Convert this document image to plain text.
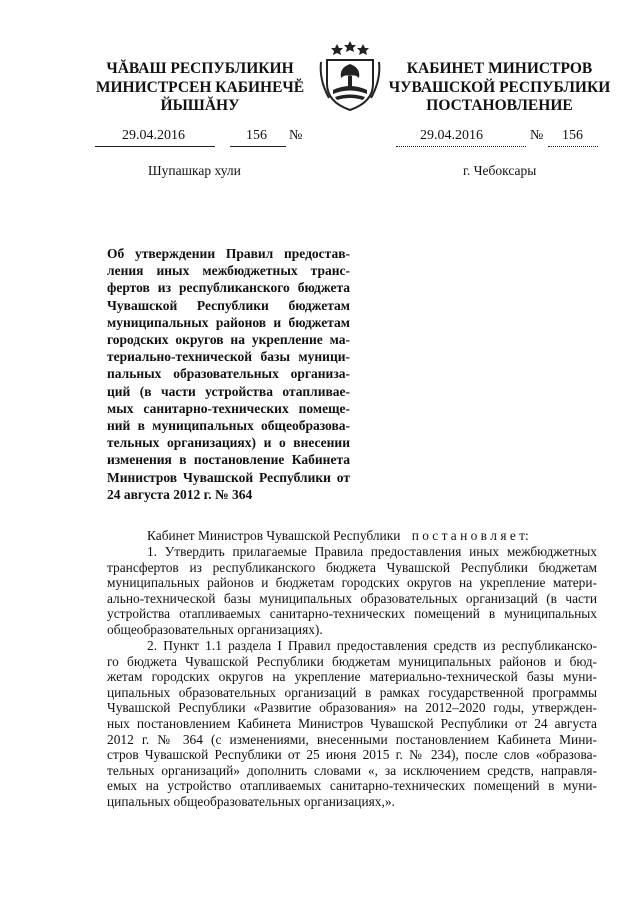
ЧĂВАШ РЕСПУБЛИКИН
МИНИСТРСЕН КАБИНЕЧĔ
ЙЫШĂНУ
КАБИНЕТ МИНИСТРОВ
ЧУВАШСКОЙ РЕСПУБЛИКИ
ПОСТАНОВЛЕНИЕ
29.04.2016	156 №	29.04.2016	№ 156
Шупашкар хули	г. Чебоксары
Об утверждении Правил предостав-
ления иных межбюджетных транс-
фертов из республиканского бюджета
Чувашской Республики бюджетам
муниципальных районов и бюджетам
городских округов на укрепление ма-
териально-технической базы муници-
пальных образовательных организа-
ций (в части устройства отапливае-
мых санитарно-технических помеще-
ний в муниципальных общеобразова-
тельных организациях) и о внесении
изменения в постановление Кабинета
Министров Чувашской Республики от
24 августа 2012 г. № 364
Кабинет Министров Чувашской Республики п о с т а н о в л я е т:
1. Утвердить прилагаемые Правила предоставления иных межбюджетных
трансфертов из республиканского бюджета Чувашской Республики бюджетам
муниципальных районов и бюджетам городских округов на укрепление матери-
ально-технической базы муниципальных образовательных организаций (в части
устройства отапливаемых санитарно-технических помещений в муниципальных
общеобразовательных организациях).
2. Пункт 1.1 раздела I Правил предоставления средств из республиканско-
го бюджета Чувашской Республики бюджетам муниципальных районов и бюд-
жетам городских округов на укрепление материально-технической базы муни-
ципальных образовательных организаций в рамках государственной программы
Чувашской Республики «Развитие образования» на 2012–2020 годы, утвержден-
ных постановлением Кабинета Министров Чувашской Республики от 24 августа
2012 г. № 364 (с изменениями, внесенными постановлением Кабинета Мини-
стров Чувашской Республики от 25 июня 2015 г. № 234), после слов «образова-
тельных организаций» дополнить словами «, за исключением средств, направля-
емых на устройство отапливаемых санитарно-технических помещений в муни-
ципальных общеобразовательных организациях,».
